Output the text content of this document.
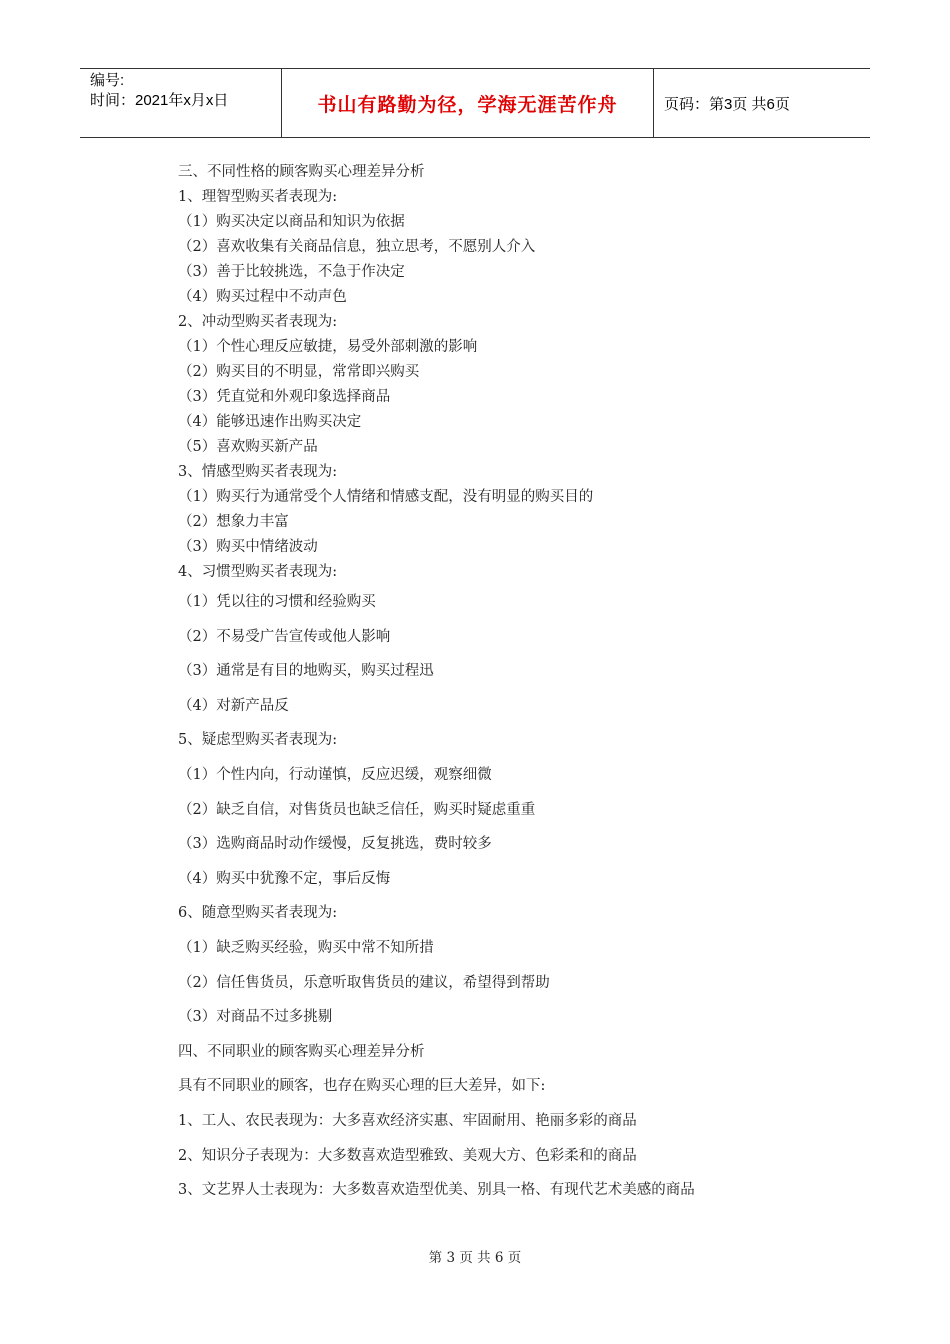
编号:
时间：2021年x月x日	书山有路勤为径，学海无涯苦作舟	页码：第3页 共6页
三、不同性格的顾客购买心理差异分析
1、理智型购买者表现为:
（1）购买决定以商品和知识为依据
（2）喜欢收集有关商品信息，独立思考，不愿别人介入
（3）善于比较挑选，不急于作决定
（4）购买过程中不动声色
2、冲动型购买者表现为:
（1）个性心理反应敏捷，易受外部刺激的影响
（2）购买目的不明显，常常即兴购买
（3）凭直觉和外观印象选择商品
（4）能够迅速作出购买决定
（5）喜欢购买新产品
3、情感型购买者表现为:
（1）购买行为通常受个人情绪和情感支配，没有明显的购买目的
（2）想象力丰富
（3）购买中情绪波动
4、习惯型购买者表现为:
（1）凭以往的习惯和经验购买
（2）不易受广告宣传或他人影响
（3）通常是有目的地购买，购买过程迅
（4）对新产品反
5、疑虑型购买者表现为:
（1）个性内向，行动谨慎，反应迟缓，观察细微
（2）缺乏自信，对售货员也缺乏信任，购买时疑虑重重
（3）选购商品时动作缓慢，反复挑选，费时较多
（4）购买中犹豫不定，事后反悔
6、随意型购买者表现为:
（1）缺乏购买经验，购买中常不知所措
（2）信任售货员，乐意听取售货员的建议，希望得到帮助
（3）对商品不过多挑剔
四、不同职业的顾客购买心理差异分析
具有不同职业的顾客，也存在购买心理的巨大差异，如下:
1、工人、农民表现为：大多喜欢经济实惠、牢固耐用、艳丽多彩的商品
2、知识分子表现为：大多数喜欢造型雅致、美观大方、色彩柔和的商品
3、文艺界人士表现为：大多数喜欢造型优美、别具一格、有现代艺术美感的商品
第 3 页 共 6 页
